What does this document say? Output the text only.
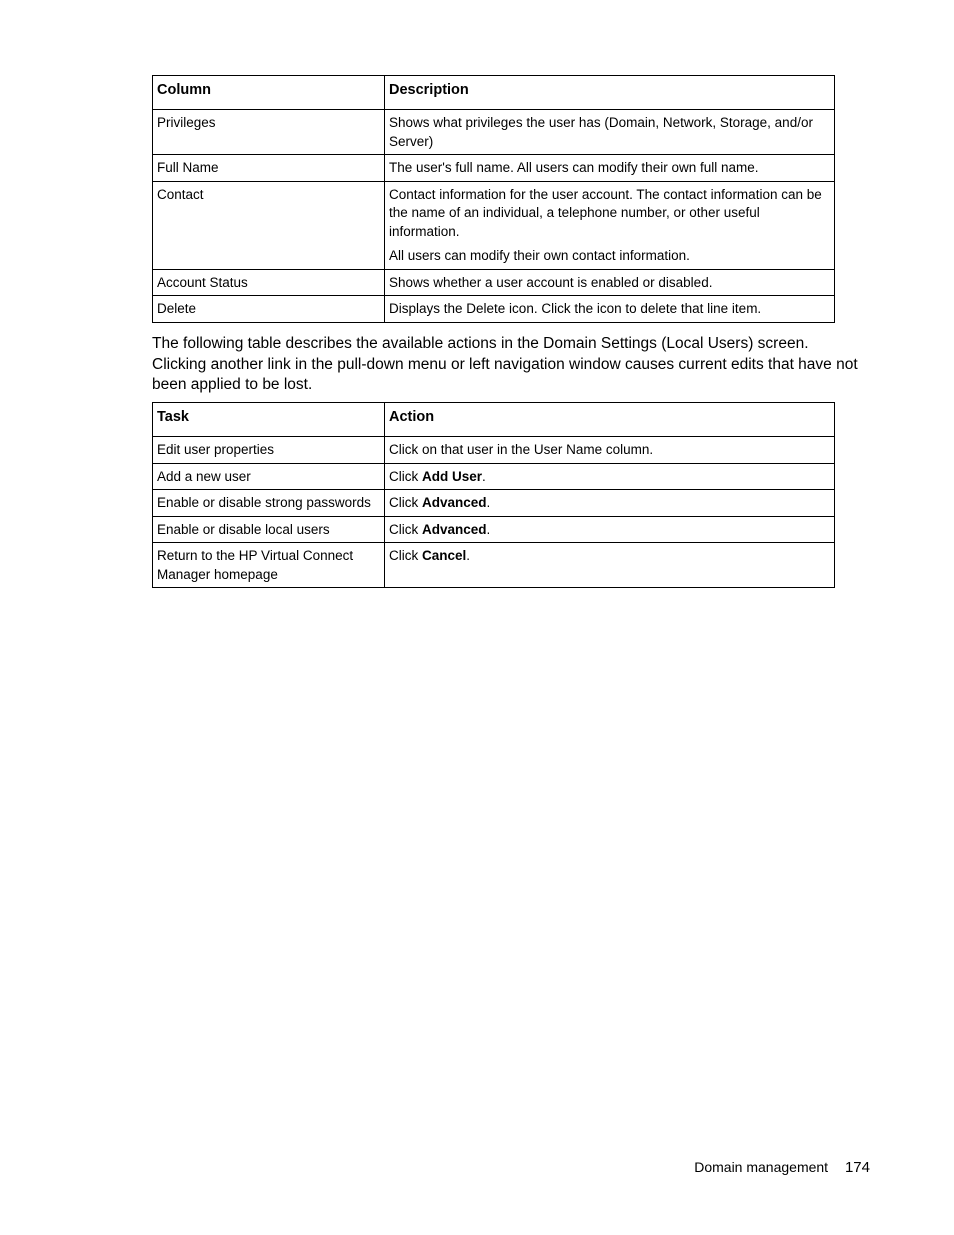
Column	Description
Privileges	Shows what privileges the user has (Domain, Network, Storage, and/or Server)

Full Name	The user's full name. All users can modify their own full name.

Contact	Contact information for the user account. The contact information can be the name of an individual, a telephone number, or other useful information.
All users can modify their own contact information.

Account Status	Shows whether a user account is enabled or disabled.

Delete	Displays the Delete icon. Click the icon to delete that line item.

The following table describes the available actions in the Domain Settings (Local Users) screen. Clicking another link in the pull-down menu or left navigation window causes current edits that have not been applied to be lost.

Task	Action
Edit user properties	Click on that user in the User Name column.
Add a new user	Click Add User.
Enable or disable strong passwords	Click Advanced.
Enable or disable local users	Click Advanced.
Return to the HP Virtual Connect Manager homepage	Click Cancel.
Domain management 174
